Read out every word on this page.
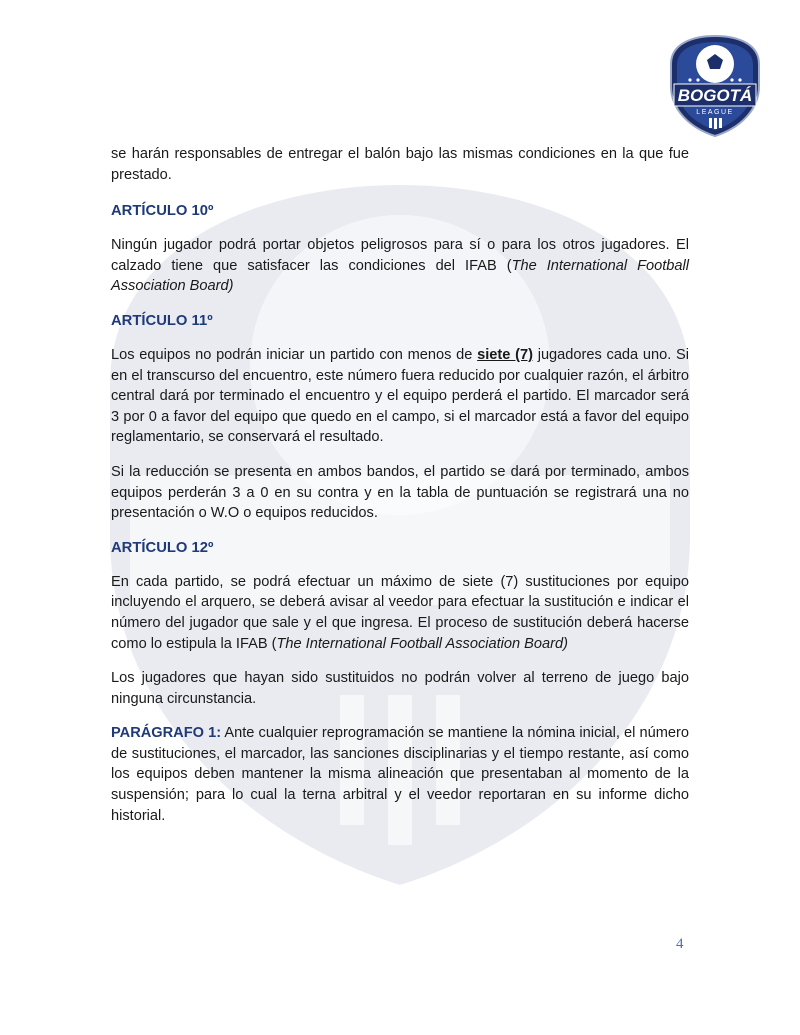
BOGOTÁ
LEAGUE

se harán responsables de entregar el balón bajo las mismas condiciones en la que fue prestado.

ARTÍCULO 10º

Ningún jugador podrá portar objetos peligrosos para sí o para los otros jugadores. El calzado tiene que satisfacer las condiciones del IFAB (The International Football Association Board)

ARTÍCULO 11º

Los equipos no podrán iniciar un partido con menos de siete (7) jugadores cada uno. Si en el transcurso del encuentro, este número fuera reducido por cualquier razón, el árbitro central dará por terminado el encuentro y el equipo perderá el partido. El marcador será 3 por 0 a favor del equipo que quedo en el campo, si el marcador está a favor del equipo reglamentario, se conservará el resultado.

Si la reducción se presenta en ambos bandos, el partido se dará por terminado, ambos equipos perderán 3 a 0 en su contra y en la tabla de puntuación se registrará una no presentación o W.O o equipos reducidos.

ARTÍCULO 12º

En cada partido, se podrá efectuar un máximo de siete (7) sustituciones por equipo incluyendo el arquero, se deberá avisar al veedor para efectuar la sustitución e indicar el número del jugador que sale y el que ingresa. El proceso de sustitución deberá hacerse como lo estipula la IFAB (The International Football Association Board)

Los jugadores que hayan sido sustituidos no podrán volver al terreno de juego bajo ninguna circunstancia.

PARÁGRAFO 1: Ante cualquier reprogramación se mantiene la nómina inicial, el número de sustituciones, el marcador, las sanciones disciplinarias y el tiempo restante, así como los equipos deben mantener la misma alineación que presentaban al momento de la suspensión; para lo cual la terna arbitral y el veedor reportaran en su informe dicho historial.

4
